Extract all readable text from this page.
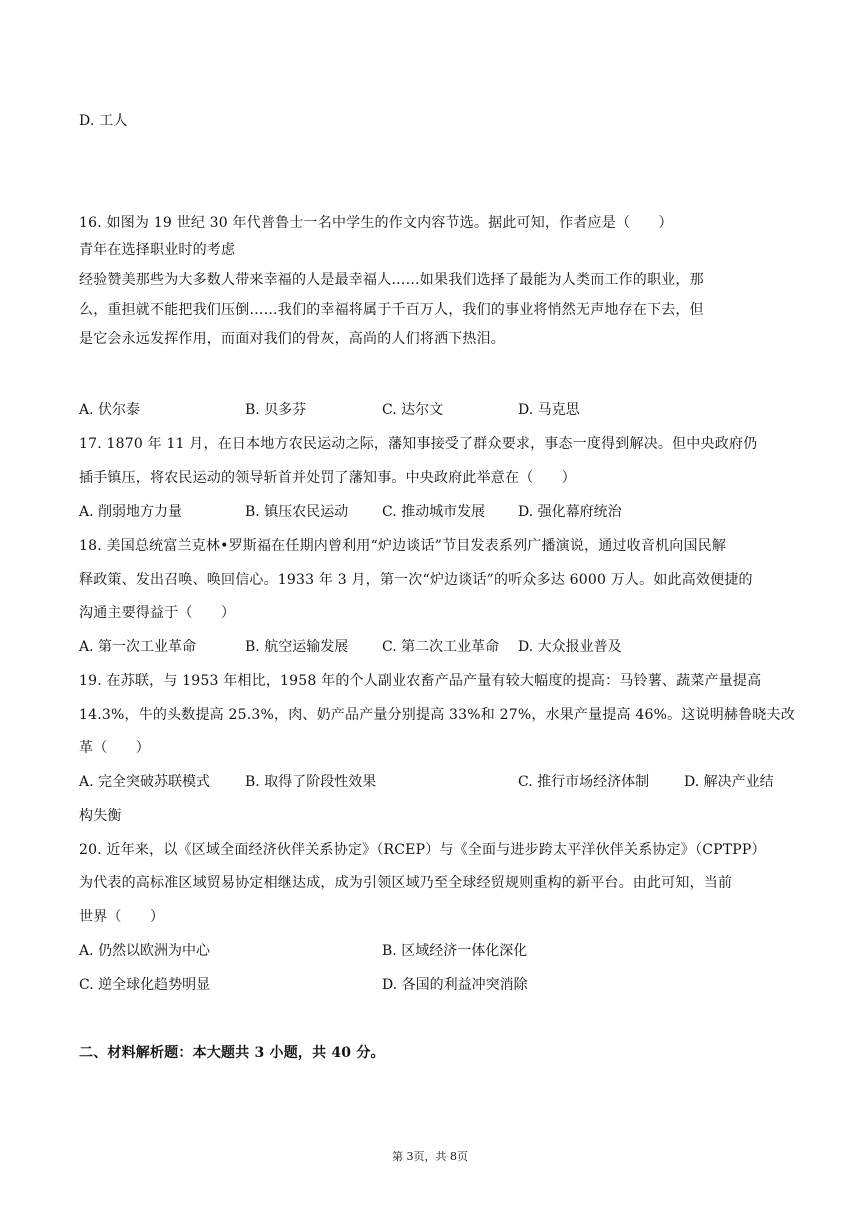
D. 工人
16. 如图为 19 世纪 30 年代普鲁士一名中学生的作文内容节选。据此可知，作者应是（　　）
青年在选择职业时的考虑
经验赞美那些为大多数人带来幸福的人是最幸福人……如果我们选择了最能为人类而工作的职业，那
么，重担就不能把我们压倒……我们的幸福将属于千百万人，我们的事业将悄然无声地存在下去，但
是它会永远发挥作用，而面对我们的骨灰，高尚的人们将洒下热泪。
A. 伏尔泰	B. 贝多芬	C. 达尔文	D. 马克思
17. 1870 年 11 月，在日本地方农民运动之际，藩知事接受了群众要求，事态一度得到解决。但中央政府仍
插手镇压，将农民运动的领导斩首并处罚了藩知事。中央政府此举意在（　　）
A. 削弱地方力量	B. 镇压农民运动 C. 推动城市发展 D. 强化幕府统治
18. 美国总统富兰克林•罗斯福在任期内曾利用“炉边谈话”节目发表系列广播演说，通过收音机向国民解
释政策、发出召唤、唤回信心。1933 年 3 月，第一次“炉边谈话”的听众多达 6000 万人。如此高效便捷的
沟通主要得益于（　　）
A. 第一次工业革命	B. 航空运输发展 C. 第二次工业革命 D. 大众报业普及
19. 在苏联，与 1953 年相比，1958 年的个人副业农畜产品产量有较大幅度的提高：马铃薯、蔬菜产量提高
14.3%，牛的头数提高 25.3%，肉、奶产品产量分别提高 33%和 27%，水果产量提高 46%。这说明赫鲁晓夫改
革（　　）
A. 完全突破苏联模式 B. 取得了阶段性效果	C. 推行市场经济体制 D. 解决产业结
构失衡
20. 近年来，以《区域全面经济伙伴关系协定》（RCEP）与《全面与进步跨太平洋伙伴关系协定》（CPTPP）
为代表的高标准区域贸易协定相继达成，成为引领区域乃至全球经贸规则重构的新平台。由此可知，当前
世界（　　）
A. 仍然以欧洲为中心	B. 区域经济一体化深化
C. 逆全球化趋势明显	D. 各国的利益冲突消除
二、材料解析题：本大题共 3 小题，共 40 分。
第 3页，共 8页
